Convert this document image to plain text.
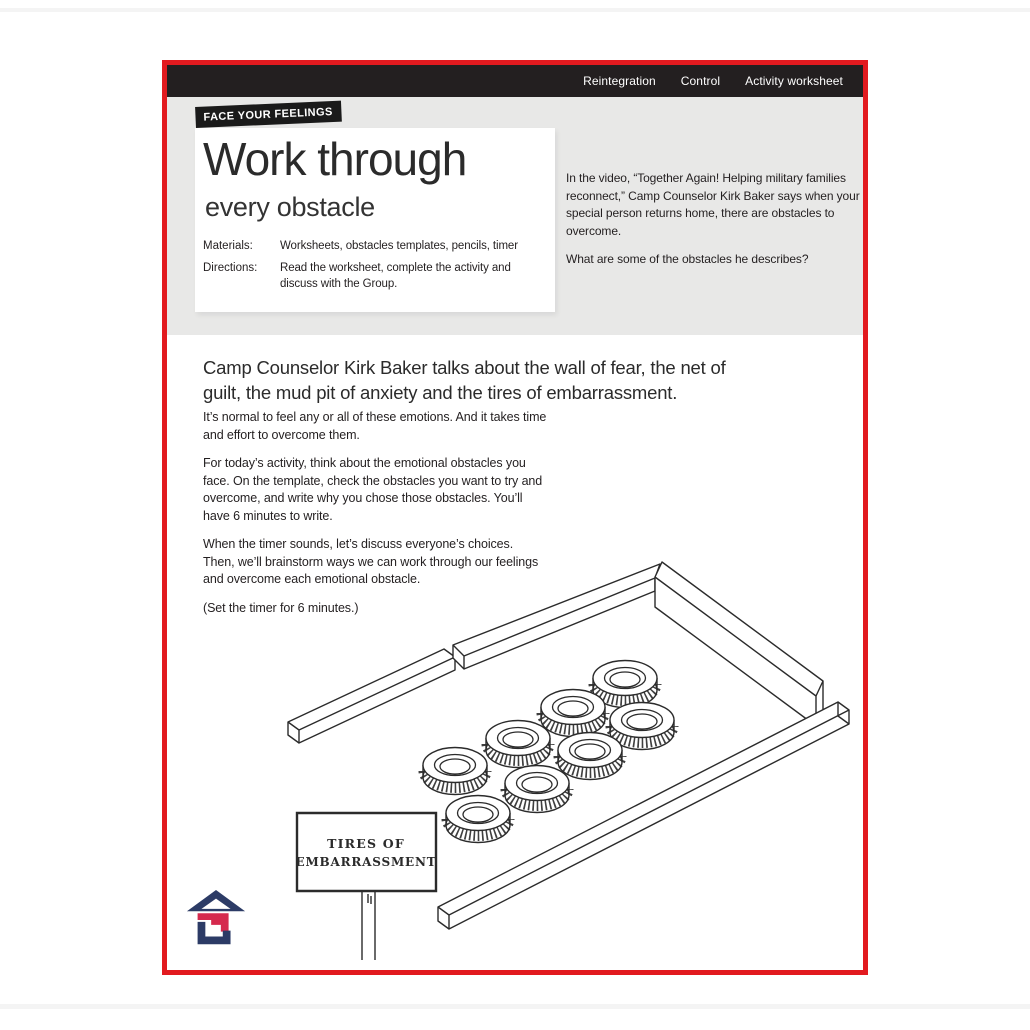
Reintegration Control Activity worksheet
FACE YOUR FEELINGS
Work through
every obstacle
Materials:	Worksheets, obstacles templates, pencils, timer
Directions:	Read the worksheet, complete the activity and discuss with the Group.

In the video, “Together Again! Helping military families reconnect,” Camp Counselor Kirk Baker says when your special person returns home, there are obstacles to overcome.

What are some of the obstacles he describes?

Camp Counselor Kirk Baker talks about the wall of fear, the net of guilt, the mud pit of anxiety and the tires of embarrassment.

It’s normal to feel any or all of these emotions. And it takes time and effort to overcome them.

For today’s activity, think about the emotional obstacles you face. On the template, check the obstacles you want to try and overcome, and write why you chose those obstacles. You’ll have 6 minutes to write.

When the timer sounds, let’s discuss everyone’s choices. Then, we’ll brainstorm ways we can work through our feelings and overcome each emotional obstacle.

(Set the timer for 6 minutes.)

TIRES OF
EMBARRASSMENT
